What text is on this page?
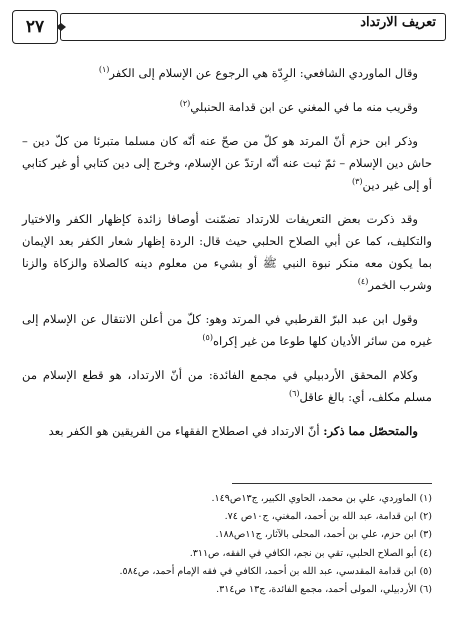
تعريف الارتداد
٢٧

وقال الماوردي الشافعي: الرِدّة هي الرجوع عن الإسلام إلى الكفر$^{(١)}$

وقريب منه ما في المغني عن ابن قدامة الحنبلي$^{(٢)}$

وذكر ابن حزم أنّ المرتد هو كلّ من صحّ عنه أنّه كان مسلما متبرئا من كلّ دين – حاش دين الإسلام – ثمّ ثبت عنه أنّه ارتدّ عن الإسلام، وخرج إلى دين كتابي أو غير كتابي أو إلى غير دين$^{(٣)}$

وقد ذكرت بعض التعريفات للارتداد تضمّنت أوصافا زائدة كإظهار الكفر والاختيار والتكليف، كما عن أبي الصلاح الحلبي حيث قال: الردة إظهار شعار الكفر بعد الإيمان بما يكون معه منكر نبوة النبي ﷺ أو بشيء من معلوم دينه كالصلاة والزكاة والزنا وشرب الخمر$^{(٤)}$

وقول ابن عبد البرّ القرطبي في المرتد وهو: كلّ من أعلن الانتقال عن الإسلام إلى غيره من سائر الأديان كلها طوعا من غير إكراه$^{(٥)}$

وكلام المحقق الأردبيلي في مجمع الفائدة: من أنّ الارتداد، هو قطع الإسلام من مسلم مكلف، أي: بالغ عاقل$^{(٦)}$

والمتحصّل مما ذكر: أنّ الارتداد في اصطلاح الفقهاء من الفريقين هو الكفر بعد

(١) الماوردي، علي بن محمد، الحاوي الكبير، ج١٣ص١٤٩.
(٢) ابن قدامة، عبد الله بن أحمد، المغني، ج١٠ص ٧٤.
(٣) ابن حزم، علي بن أحمد، المحلى بالآثار، ج١١ص١٨٨.
(٤) أبو الصلاح الحلبي، تقي بن نجم، الكافي في الفقه، ص٣١١.
(٥) ابن قدامة المقدسي، عبد الله بن أحمد، الكافي في فقه الإمام أحمد، ص٥٨٤.
(٦) الأردبيلي، المولى أحمد، مجمع الفائدة، ج١٣ ص٣١٤.
